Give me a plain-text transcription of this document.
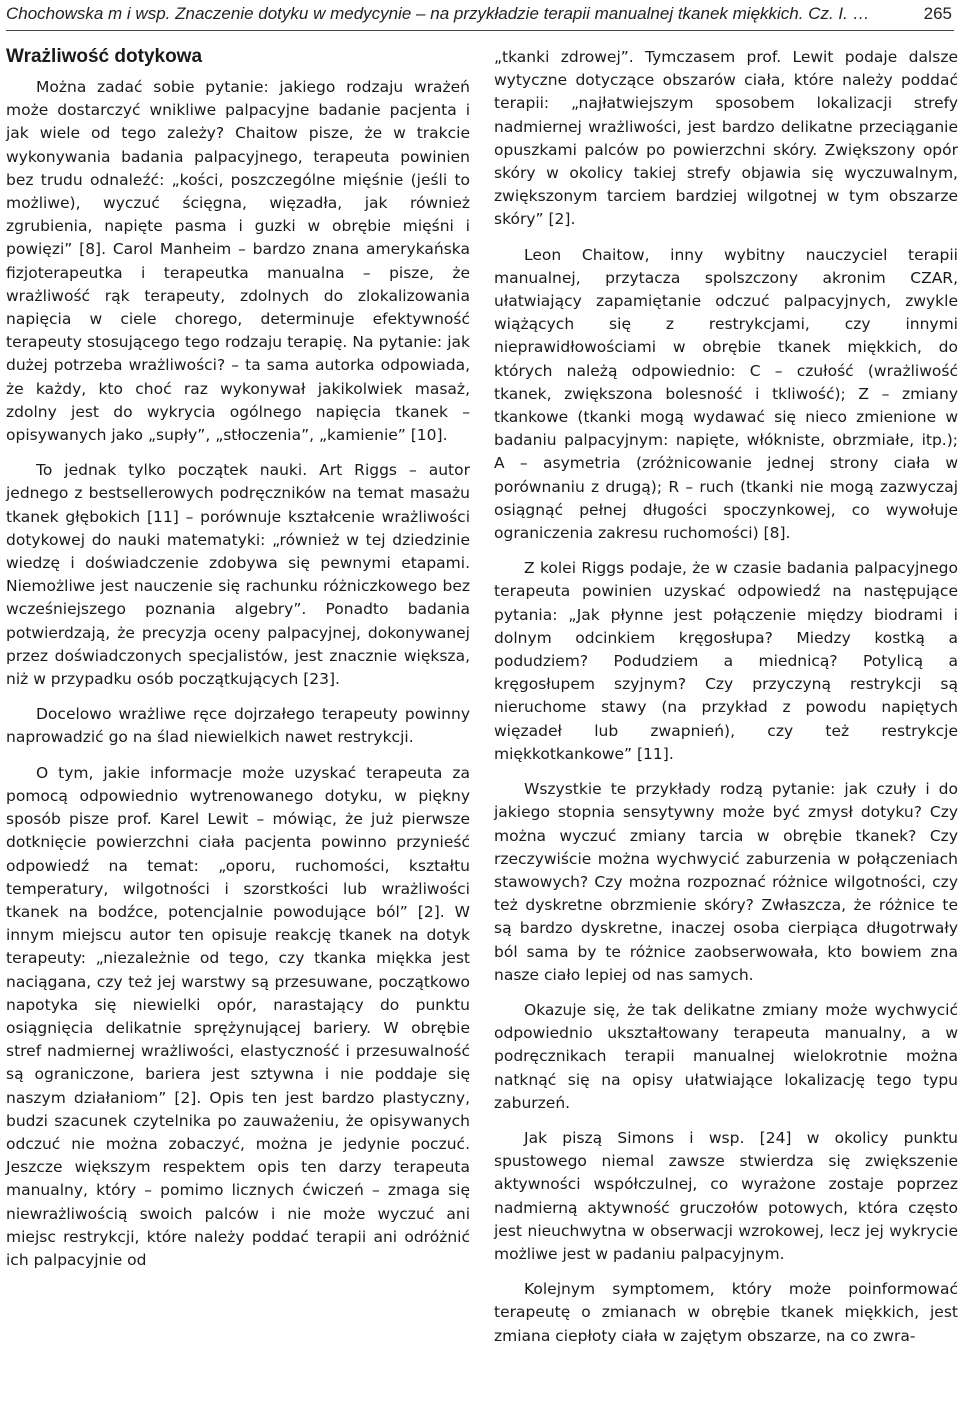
Chochowska m i wsp. Znaczenie dotyku w medycynie – na przykładzie terapii manualnej tkanek miękkich. Cz. I. …	265
Wrażliwość dotykowa

Można zadać sobie pytanie: jakiego rodzaju wrażeń może dostarczyć wnikliwe palpacyjne badanie pacjenta i jak wiele od tego zależy? Chaitow pisze, że w trakcie wykonywania badania palpacyjnego, terapeuta powinien bez trudu odnaleźć: „kości, poszczególne mięśnie (jeśli to możliwe), wyczuć ścięgna, więzadła, jak również zgrubienia, napięte pasma i guzki w obrębie mięśni i powięzi” [8]. Carol Manheim – bardzo znana amerykańska fizjoterapeutka i terapeutka manualna – pisze, że wrażliwość rąk terapeuty, zdolnych do zlokalizowania napięcia w ciele chorego, determinuje efektywność terapeuty stosującego tego rodzaju terapię. Na pytanie: jak dużej potrzeba wrażliwości? – ta sama autorka odpowiada, że każdy, kto choć raz wykonywał jakikolwiek masaż, zdolny jest do wykrycia ogólnego napięcia tkanek – opisywanych jako „supły”, „stłoczenia”, „kamienie” [10].

To jednak tylko początek nauki. Art Riggs – autor jednego z bestsellerowych podręczników na temat masażu tkanek głębokich [11] – porównuje kształcenie wrażliwości dotykowej do nauki matematyki: „również w tej dziedzinie wiedzę i doświadczenie zdobywa się pewnymi etapami. Niemożliwe jest nauczenie się rachunku różniczkowego bez wcześniejszego poznania algebry”. Ponadto badania potwierdzają, że precyzja oceny palpacyjnej, dokonywanej przez doświadczonych specjalistów, jest znacznie większa, niż w przypadku osób początkujących [23].

Docelowo wrażliwe ręce dojrzałego terapeuty powinny naprowadzić go na ślad niewielkich nawet restrykcji.

O tym, jakie informacje może uzyskać terapeuta za pomocą odpowiednio wytrenowanego dotyku, w piękny sposób pisze prof. Karel Lewit – mówiąc, że już pierwsze dotknięcie powierzchni ciała pacjenta powinno przynieść odpowiedź na temat: „oporu, ruchomości, kształtu temperatury, wilgotności i szorstkości lub wrażliwości tkanek na bodźce, potencjalnie powodujące ból” [2]. W innym miejscu autor ten opisuje reakcję tkanek na dotyk terapeuty: „niezależnie od tego, czy tkanka miękka jest naciągana, czy też jej warstwy są przesuwane, początkowo napotyka się niewielki opór, narastający do punktu osiągnięcia delikatnie sprężynującej bariery. W obrębie stref nadmiernej wrażliwości, elastyczność i przesuwalność są ograniczone, bariera jest sztywna i nie poddaje się naszym działaniom” [2]. Opis ten jest bardzo plastyczny, budzi szacunek czytelnika po zauważeniu, że opisywanych odczuć nie można zobaczyć, można je jedynie poczuć. Jeszcze większym respektem opis ten darzy terapeuta manualny, który – pomimo licznych ćwiczeń – zmaga się niewrażliwością swoich palców i nie może wyczuć ani miejsc restrykcji, które należy poddać terapii ani odróżnić ich palpacyjnie od

„tkanki zdrowej”. Tymczasem prof. Lewit podaje dalsze wytyczne dotyczące obszarów ciała, które należy poddać terapii: „najłatwiejszym sposobem lokalizacji strefy nadmiernej wrażliwości, jest bardzo delikatne przeciąganie opuszkami palców po powierzchni skóry. Zwiększony opór skóry w okolicy takiej strefy objawia się wyczuwalnym, zwiększonym tarciem bardziej wilgotnej w tym obszarze skóry” [2].

Leon Chaitow, inny wybitny nauczyciel terapii manualnej, przytacza spolszczony akronim CZAR, ułatwiający zapamiętanie odczuć palpacyjnych, zwykle wiążących się z restrykcjami, czy innymi nieprawidłowościami w obrębie tkanek miękkich, do których należą odpowiednio: C – czułość (wrażliwość tkanek, zwiększona bolesność i tkliwość); Z – zmiany tkankowe (tkanki mogą wydawać się nieco zmienione w badaniu palpacyjnym: napięte, włókniste, obrzmiałe, itp.); A – asymetria (zróżnicowanie jednej strony ciała w porównaniu z drugą); R – ruch (tkanki nie mogą zazwyczaj osiągnąć pełnej długości spoczynkowej, co wywołuje ograniczenia zakresu ruchomości) [8].

Z kolei Riggs podaje, że w czasie badania palpacyjnego terapeuta powinien uzyskać odpowiedź na następujące pytania: „Jak płynne jest połączenie między biodrami i dolnym odcinkiem kręgosłupa? Miedzy kostką a podudziem? Podudziem a miednicą? Potylicą a kręgosłupem szyjnym? Czy przyczyną restrykcji są nieruchome stawy (na przykład z powodu napiętych więzadeł lub zwapnień), czy też restrykcje miękkotkankowe” [11].

Wszystkie te przykłady rodzą pytanie: jak czuły i do jakiego stopnia sensytywny może być zmysł dotyku? Czy można wyczuć zmiany tarcia w obrębie tkanek? Czy rzeczywiście można wychwycić zaburzenia w połączeniach stawowych? Czy można rozpoznać różnice wilgotności, czy też dyskretne obrzmienie skóry? Zwłaszcza, że różnice te są bardzo dyskretne, inaczej osoba cierpiąca długotrwały ból sama by te różnice zaobserwowała, kto bowiem zna nasze ciało lepiej od nas samych.

Okazuje się, że tak delikatne zmiany może wychwycić odpowiednio ukształtowany terapeuta manualny, a w podręcznikach terapii manualnej wielokrotnie można natknąć się na opisy ułatwiające lokalizację tego typu zaburzeń.

Jak piszą Simons i wsp. [24] w okolicy punktu spustowego niemal zawsze stwierdza się zwiększenie aktywności współczulnej, co wyrażone zostaje poprzez nadmierną aktywność gruczołów potowych, która często jest nieuchwytna w obserwacji wzrokowej, lecz jej wykrycie możliwe jest w padaniu palpacyjnym.

Kolejnym symptomem, który może poinformować terapeutę o zmianach w obrębie tkanek miękkich, jest zmiana ciepłoty ciała w zajętym obszarze, na co zwra-
